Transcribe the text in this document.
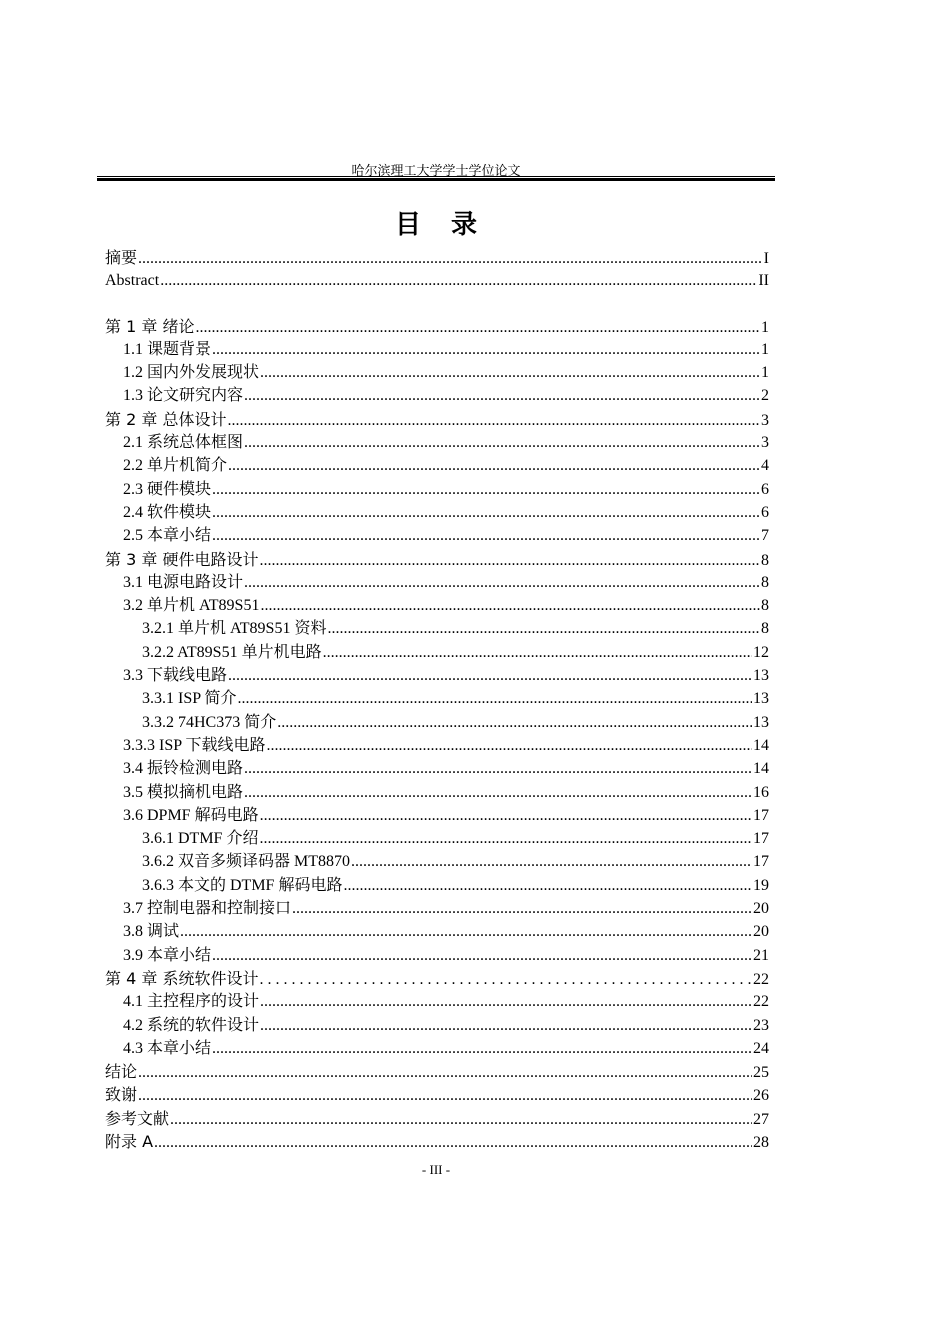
哈尔滨理工大学学士学位论文
目录
摘要 .....	I
Abstract .....	II
第 1 章 绪论 .....	1
1.1 课题背景 .....	1
1.2 国内外发展现状 .....	1
1.3 论文研究内容 .....	2
第 2 章 总体设计 .....	3
2.1 系统总体框图 .....	3
2.2 单片机简介 .....	4
2.3 硬件模块 .....	6
2.4 软件模块 .....	6
2.5 本章小结 .....	7
第 3 章 硬件电路设计 .....	8
3.1 电源电路设计 .....	8
3.2 单片机 AT89S51 .....	8
3.2.1 单片机 AT89S51 资料 .....	8
3.2.2 AT89S51 单片机电路 .....	12
3.3 下载线电路 .....	13
3.3.1 ISP 简介 .....	13
3.3.2 74HC373 简介 .....	13
3.3.3 ISP 下载线电路 .....	14
3.4 振铃检测电路 .....	14
3.5 模拟摘机电路 .....	16
3.6 DPMF 解码电路 .....	17
3.6.1 DTMF 介绍 .....	17
3.6.2 双音多频译码器 MT8870 .....	17
3.6.3 本文的 DTMF 解码电路 .....	19
3.7 控制电器和控制接口 .....	20
3.8 调试 .....	20
3.9 本章小结 .....	21
第 4 章 系统软件设计 . . .	22
4.1 主控程序的设计 .....	22
4.2 系统的软件设计 .....	23
4.3 本章小结 .....	24
结论 .....	25
致谢 .....	26
参考文献 .....	27
附录 A .....	28
- III -
